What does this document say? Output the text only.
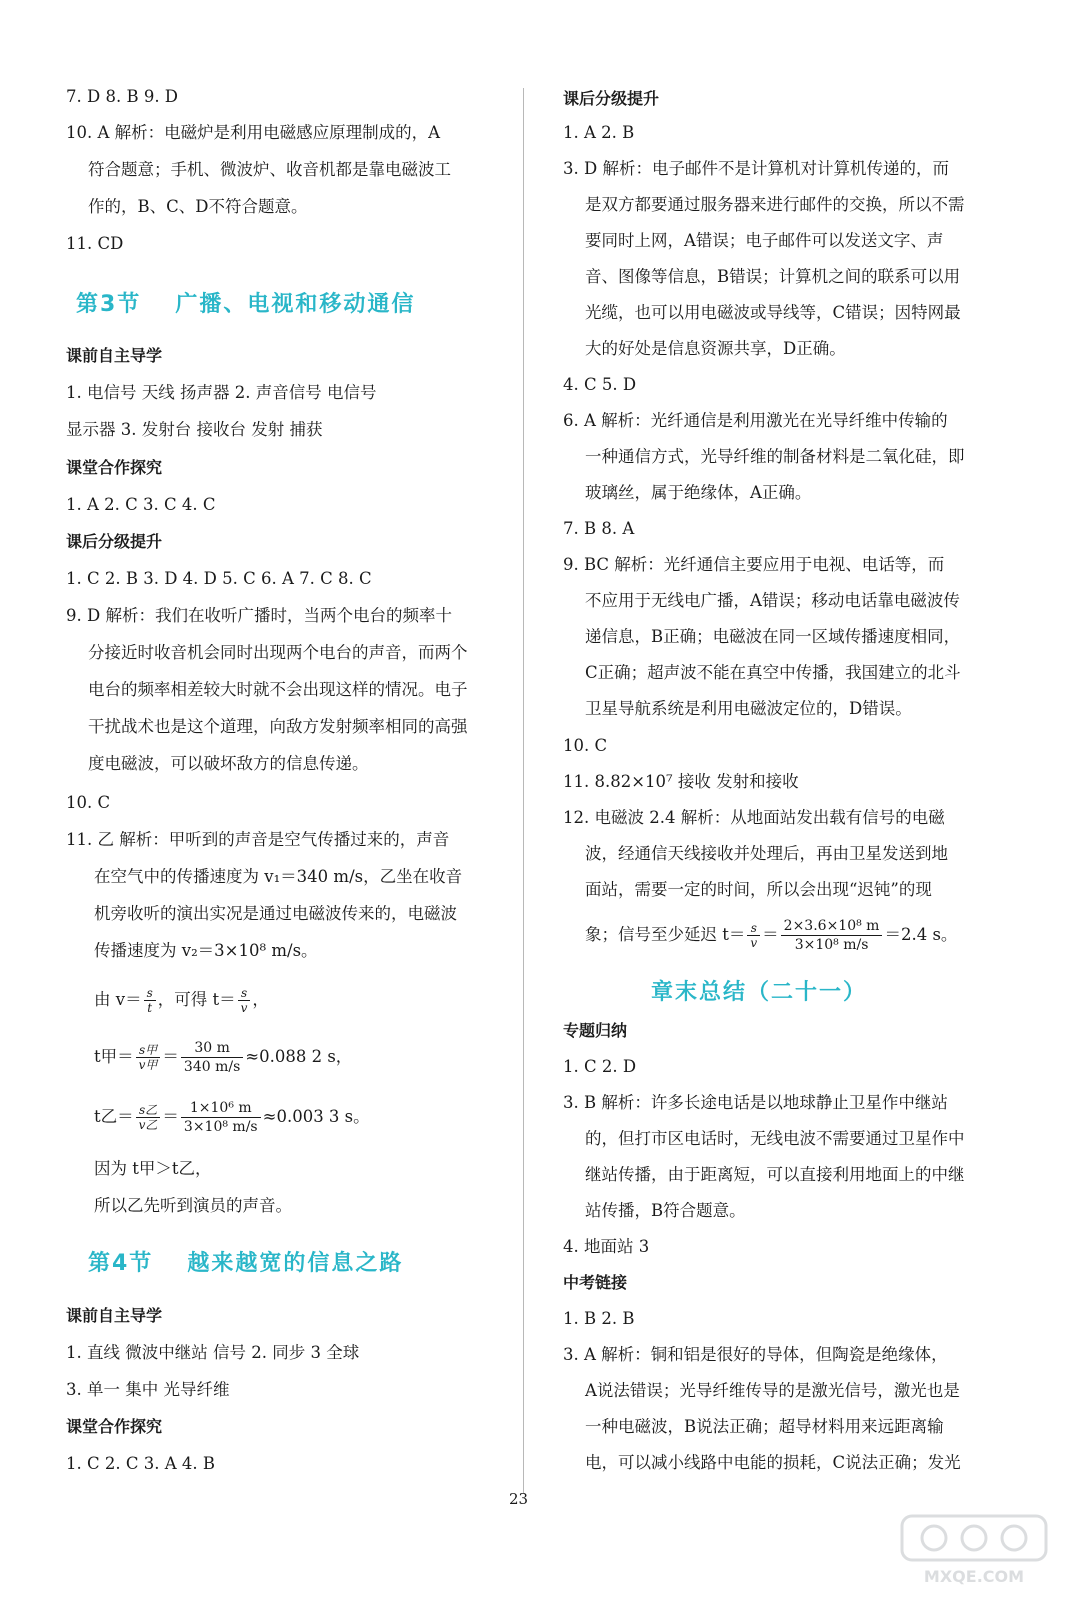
7. D 8. B 9. D
10. A 解析：电磁炉是利用电磁感应原理制成的，A
符合题意；手机、微波炉、收音机都是靠电磁波工
作的，B、C、D不符合题意。
11. CD
第3节 广播、电视和移动通信
课前自主导学
1. 电信号 天线 扬声器 2. 声音信号 电信号
显示器 3. 发射台 接收台 发射 捕获
课堂合作探究
1. A 2. C 3. C 4. C
课后分级提升
1. C 2. B 3. D 4. D 5. C 6. A 7. C 8. C
9. D 解析：我们在收听广播时，当两个电台的频率十
分接近时收音机会同时出现两个电台的声音，而两个
电台的频率相差较大时就不会出现这样的情况。电子
干扰战术也是这个道理，向敌方发射频率相同的高强
度电磁波，可以破坏敌方的信息传递。
10. C
11. 乙 解析：甲听到的声音是空气传播过来的，声音
在空气中的传播速度为 v₁＝340 m/s，乙坐在收音
机旁收听的演出实况是通过电磁波传来的，电磁波
传播速度为 v₂＝3×10⁸ m/s。
由 $v= \frac{s}{t}$ ，可得 $t= \frac{s}{v}$ ，
t甲＝ $\frac{\text{s甲}}{\text{v甲}} = \frac{30 m}{340 m/s} \approx 0.088$ 2 s，
t乙＝ $\frac{\text{s乙}}{\text{v乙}} = \frac{\text{1×10⁶ m}}{\text{3×10⁸ m/s}} \approx 0.003$ 3 s。
因为 t甲＞t乙，
所以乙先听到演员的声音。
第4节 越来越宽的信息之路
课前自主导学
1. 直线 微波中继站 信号 2. 同步 3 全球
3. 单一 集中 光导纤维
课堂合作探究
1. C 2. C 3. A 4. B
课后分级提升
1. A 2. B
3. D 解析：电子邮件不是计算机对计算机传递的，而
是双方都要通过服务器来进行邮件的交换，所以不需
要同时上网，A错误；电子邮件可以发送文字、声
音、图像等信息，B错误；计算机之间的联系可以用
光缆，也可以用电磁波或导线等，C错误；因特网最
大的好处是信息资源共享，D正确。
4. C 5. D
6. A 解析：光纤通信是利用激光在光导纤维中传输的
一种通信方式，光导纤维的制备材料是二氧化硅，即
玻璃丝，属于绝缘体，A正确。
7. B 8. A
9. BC 解析：光纤通信主要应用于电视、电话等，而
不应用于无线电广播，A错误；移动电话靠电磁波传
递信息，B正确；电磁波在同一区域传播速度相同，
C正确；超声波不能在真空中传播，我国建立的北斗
卫星导航系统是利用电磁波定位的，D错误。
10. C
11. 8.82×10⁷ 接收 发射和接收
12. 电磁波 2.4 解析：从地面站发出载有信号的电磁
波，经通信天线接收并处理后，再由卫星发送到地
面站，需要一定的时间，所以会出现“迟钝”的现
象；信号至少延迟 $t= \frac{s}{v} = \frac{\text{2×3.6×10⁸ m}}{\text{3×10⁸ m/s}} =2.4$ s。
章末总结（二十一）
专题归纳
1. C 2. D
3. B 解析：许多长途电话是以地球静止卫星作中继站
的，但打市区电话时，无线电波不需要通过卫星作中
继站传播，由于距离短，可以直接利用地面上的中继
站传播，B符合题意。
4. 地面站 3
中考链接
1. B 2. B
3. A 解析：铜和铝是很好的导体，但陶瓷是绝缘体，
A说法错误；光导纤维传导的是激光信号，激光也是
一种电磁波，B说法正确；超导材料用来远距离输
电，可以减小线路中电能的损耗，C说法正确；发光
23
MXQE.COM
